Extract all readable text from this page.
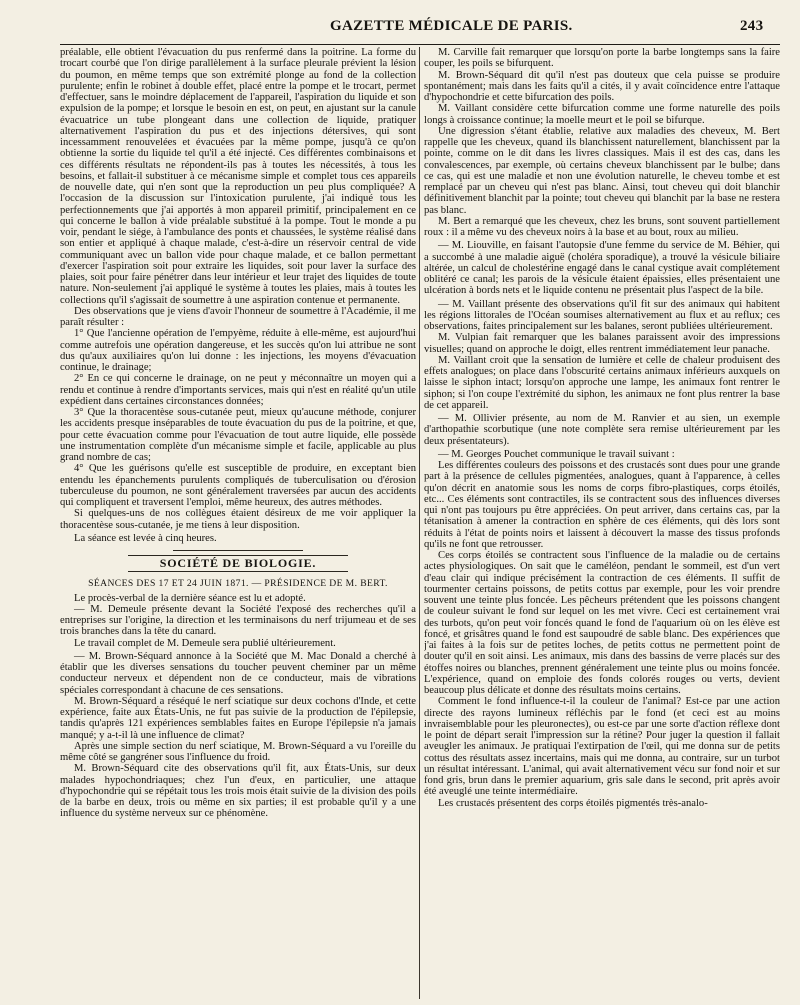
GAZETTE MÉDICALE DE PARIS.	243

préalable, elle obtient l'évacuation du pus renfermé dans la poitrine. La forme du trocart courbé que l'on dirige parallèlement à la surface pleurale prévient la lésion du poumon, en même temps que son extrémité plonge au fond de la collection purulente; enfin le robinet à double effet, placé entre la pompe et le trocart, permet d'effectuer, sans le moindre déplacement de l'appareil, l'aspiration du liquide et son expulsion de la pompe; et lorsque le besoin en est, on peut, en ajustant sur la canule évacuatrice un tube plongeant dans une collection de liquide, pratiquer alternativement l'aspiration du pus et des injections détersives, qui sont incessamment renouvelées et évacuées par la même pompe, jusqu'à ce qu'on obtienne la sortie du liquide tel qu'il a été injecté. Ces différentes combinaisons et ces différents résultats ne répondent-ils pas à toutes les nécessités, à tous les besoins, et fallait-il substituer à ce mécanisme simple et complet tous ces appareils de nouvelle date, qui n'en sont que la reproduction un peu plus compliquée? A l'occasion de la discussion sur l'intoxication purulente, j'ai indiqué tous les perfectionnements que j'ai apportés à mon appareil primitif, principalement en ce qui concerne le ballon à vide préalable substitué à la pompe. Tout le monde a pu voir, pendant le siége, à l'ambulance des ponts et chaussées, le système réalisé dans son entier et appliqué à chaque malade, c'est-à-dire un réservoir central de vide communiquant avec un ballon vide pour chaque malade, et ce ballon permettant d'exercer l'aspiration soit pour extraire les liquides, soit pour laver la surface des plaies, soit pour faire pénétrer dans leur intérieur et leur trajet des liquides de toute nature. Non-seulement j'ai appliqué le système à toutes les plaies, mais à toutes les collections qu'il s'agissait de soumettre à une aspiration contenue et permanente.

Des observations que je viens d'avoir l'honneur de soumettre à l'Académie, il me paraît résulter :

1° Que l'ancienne opération de l'empyème, réduite à elle-même, est aujourd'hui comme autrefois une opération dangereuse, et les succès qu'on lui attribue ne sont dus qu'aux auxiliaires qu'on lui donne : les injections, les moyens d'évacuation continue, le drainage;

2° En ce qui concerne le drainage, on ne peut y méconnaître un moyen qui a rendu et continue à rendre d'importants services, mais qui n'est en réalité qu'un utile expédient dans certaines circonstances données;

3° Que la thoracentèse sous-cutanée peut, mieux qu'aucune méthode, conjurer les accidents presque inséparables de toute évacuation du pus de la poitrine, et que, pour cette évacuation comme pour l'évacuation de tout autre liquide, elle possède une instrumentation complète d'un mécanisme simple et facile, applicable au plus grand nombre de cas;

4° Que les guérisons qu'elle est susceptible de produire, en exceptant bien entendu les épanchements purulents compliqués de tuberculisation ou d'érosion tuberculeuse du poumon, ne sont généralement traversées par aucun des accidents qui compliquent et traversent l'emploi, même heureux, des autres méthodes.

Si quelques-uns de nos collègues étaient désireux de me voir appliquer la thoracentèse sous-cutanée, je me tiens à leur disposition.

La séance est levée à cinq heures.

SOCIÉTÉ DE BIOLOGIE.
SÉANCES DES 17 ET 24 JUIN 1871. — PRÉSIDENCE DE M. BERT.

Le procès-verbal de la dernière séance est lu et adopté.

— M. Demeule présente devant la Société l'exposé des recherches qu'il a entreprises sur l'origine, la direction et les terminaisons du nerf trijumeau et de ses trois branches dans la tête du canard.

Le travail complet de M. Demeule sera publié ultérieurement.

— M. Brown-Séquard annonce à la Société que M. Mac Donald a cherché à établir que les diverses sensations du toucher peuvent cheminer par un même conducteur nerveux et dépendent non de ce conducteur, mais de vibrations spéciales correspondant à chacune de ces sensations.

M. Brown-Séquard a réséqué le nerf sciatique sur deux cochons d'Inde, et cette expérience, faite aux États-Unis, ne fut pas suivie de la production de l'épilepsie, tandis qu'après 121 expériences semblables faites en Europe l'épilepsie n'a jamais manqué; y a-t-il là une influence de climat?

Après une simple section du nerf sciatique, M. Brown-Séquard a vu l'oreille du même côté se gangréner sous l'influence du froid.

M. Brown-Séquard cite des observations qu'il fit, aux États-Unis, sur deux malades hypochondriaques; chez l'un d'eux, en particulier, une attaque d'hypochondrie qui se répétait tous les trois mois était suivie de la division des poils de la barbe en deux, trois ou même en six parties; il est probable qu'il y a une influence du système nerveux sur ce phénomène.

M. Carville fait remarquer que lorsqu'on porte la barbe longtemps sans la faire couper, les poils se bifurquent.

M. Brown-Séquard dit qu'il n'est pas douteux que cela puisse se produire spontanément; mais dans les faits qu'il a cités, il y avait coïncidence entre l'attaque d'hypochondrie et cette bifurcation des poils.

M. Vaillant considère cette bifurcation comme une forme naturelle des poils longs à croissance continue; la moelle meurt et le poil se bifurque.

Une digression s'étant établie, relative aux maladies des cheveux, M. Bert rappelle que les cheveux, quand ils blanchissent naturellement, blanchissent par la pointe, comme on le dit dans les livres classiques. Mais il est des cas, dans les convalescences, par exemple, où certains cheveux blanchissent par le bulbe; dans ce cas, qui est une maladie et non une évolution naturelle, le cheveu tombe et est remplacé par un cheveu qui n'est pas blanc. Ainsi, tout cheveu qui doit blanchir définitivement blanchit par la pointe; tout cheveu qui blanchit par la base ne restera pas blanc.

M. Bert a remarqué que les cheveux, chez les bruns, sont souvent partiellement roux : il a même vu des cheveux noirs à la base et au bout, roux au milieu.

— M. Liouville, en faisant l'autopsie d'une femme du service de M. Béhier, qui a succombé à une maladie aiguë (choléra sporadique), a trouvé la vésicule biliaire altérée, un calcul de cholestérine engagé dans le canal cystique avait complétement oblitéré ce canal; les parois de la vésicule étaient épaissies, elles présentaient une ulcération à bords nets et le liquide contenu ne présentait plus l'aspect de la bile.

— M. Vaillant présente des observations qu'il fit sur des animaux qui habitent les régions littorales de l'Océan soumises alternativement au flux et au reflux; ces observations, faites principalement sur les balanes, seront publiées ultérieurement.

M. Vulpian fait remarquer que les balanes paraissent avoir des impressions visuelles; quand on approche le doigt, elles rentrent immédiatement leur panache.

M. Vaillant croit que la sensation de lumière et celle de chaleur produisent des effets analogues; on place dans l'obscurité certains animaux inférieurs auxquels on laisse le siphon intact; lorsqu'on approche une lampe, les animaux font rentrer le siphon; si l'on coupe l'extrémité du siphon, les animaux ne font plus rentrer la base de cet appareil.

— M. Ollivier présente, au nom de M. Ranvier et au sien, un exemple d'arthopathie scorbutique (une note complète sera remise ultérieurement par les deux présentateurs).

— M. Georges Pouchet communique le travail suivant :

Les différentes couleurs des poissons et des crustacés sont dues pour une grande part à la présence de cellules pigmentées, analogues, quant à l'apparence, à celles qu'on décrit en anatomie sous les noms de corps fibro-plastiques, corps étoilés, etc... Ces éléments sont contractiles, ils se contractent sous des influences diverses qui n'ont pas toujours pu être appréciées. On peut arriver, dans certains cas, par la tétanisation à amener la contraction en sphère de ces éléments, qui dès lors sont réduits à l'état de points noirs et laissent à découvert la masse des tissus profonds qu'ils ne font que retrousser.

Ces corps étoilés se contractent sous l'influence de la maladie ou de certains actes physiologiques. On sait que le caméléon, pendant le sommeil, est d'un vert d'eau clair qui indique précisément la contraction de ces éléments. Il suffit de tourmenter certains poissons, de petits cottus par exemple, pour les voir prendre souvent une teinte plus foncée. Les pêcheurs prétendent que les poissons changent de couleur suivant le fond sur lequel on les met vivre. Ceci est certainement vrai des turbots, qu'on peut voir foncés quand le fond de l'aquarium où on les élève est foncé, et grisâtres quand le fond est saupoudré de sable blanc. Des expériences que j'ai faites à la fois sur de petites loches, de petits cottus ne permettent point de douter qu'il en soit ainsi. Les animaux, mis dans des bassins de verre placés sur des étoffes noires ou blanches, prennent généralement une teinte plus ou moins foncée. L'expérience, quand on emploie des fonds colorés rouges ou verts, devient beaucoup plus délicate et donne des résultats moins certains.

Comment le fond influence-t-il la couleur de l'animal? Est-ce par une action directe des rayons lumineux réfléchis par le fond (et ceci est au moins invraisemblable pour les pleuronectes), ou est-ce par une sorte d'action réflexe dont le point de départ serait l'impression sur la rétine? Pour juger la question il fallait aveugler les animaux. Je pratiquai l'extirpation de l'œil, qui me donna sur de petits cottus des résultats assez incertains, mais qui me donna, au contraire, sur un turbot un résultat intéressant. L'animal, qui avait alternativement vécu sur fond noir et sur fond gris, brun dans le premier aquarium, gris sale dans le second, prit après avoir été aveuglé une teinte intermédiaire.

Les crustacés présentent des corps étoilés pigmentés très-analo-
